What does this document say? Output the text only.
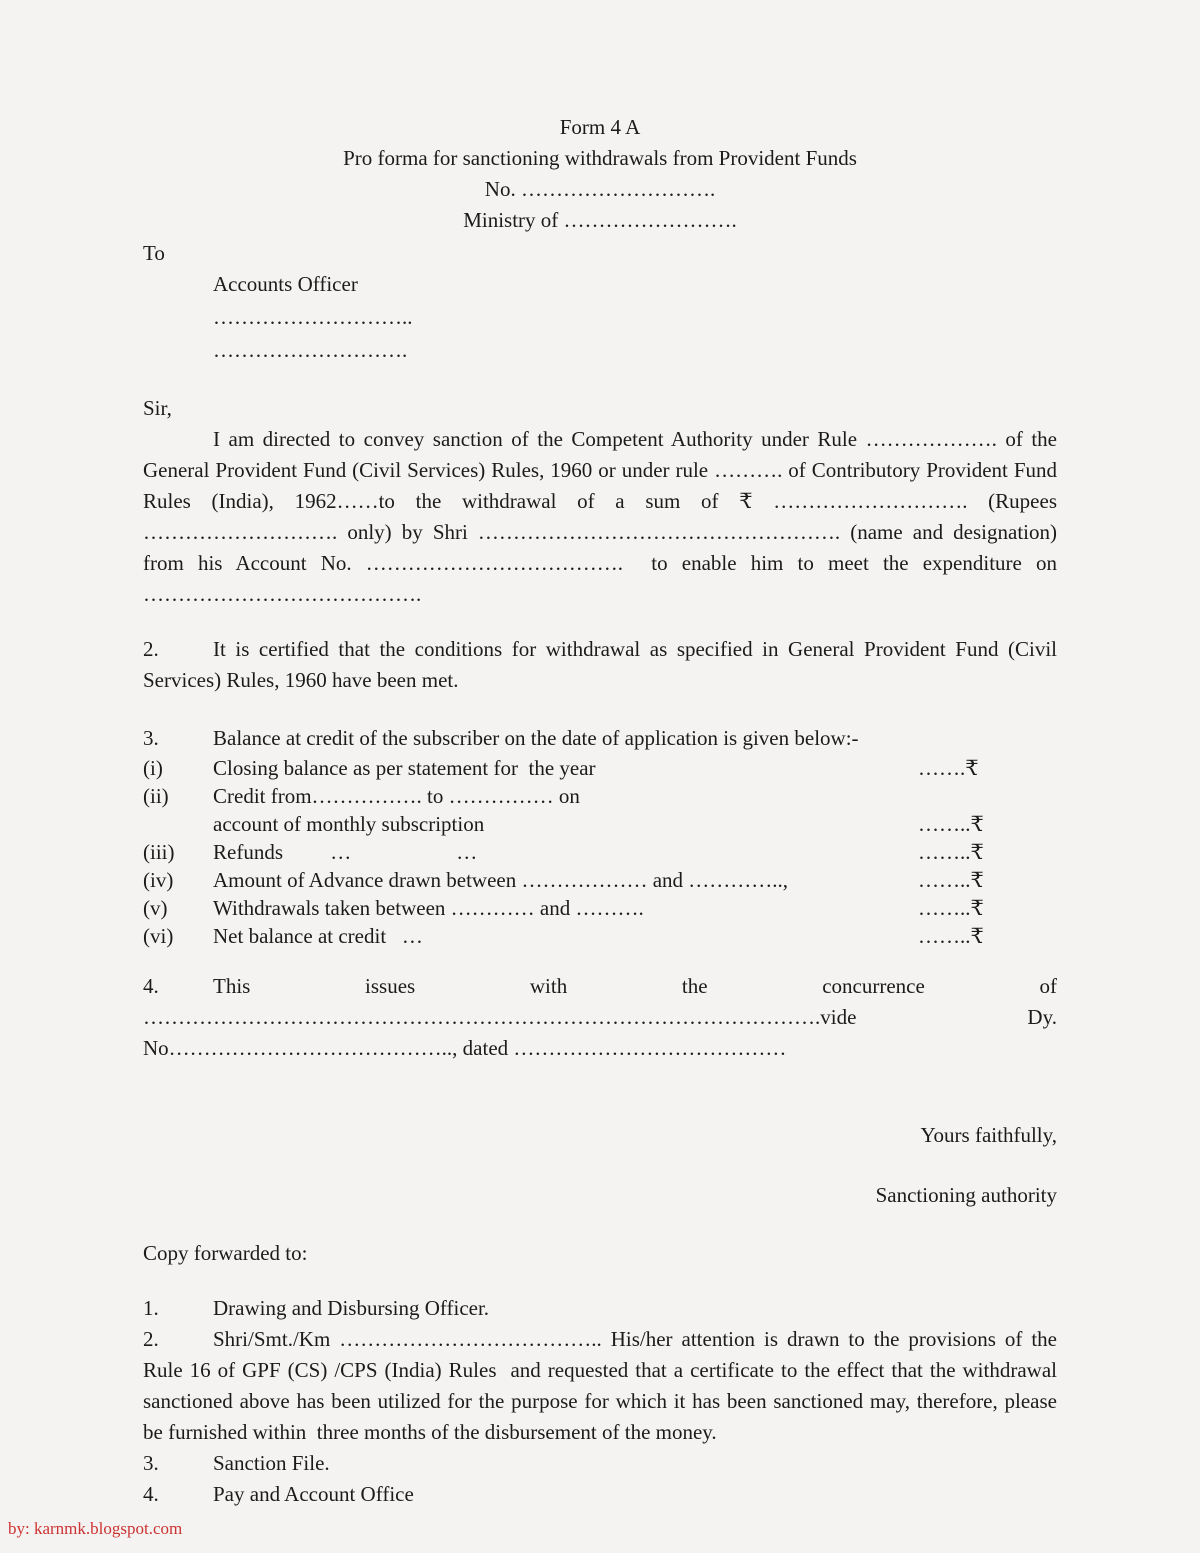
Form 4 A
Pro forma for sanctioning withdrawals from Provident Funds
No. ……………………….
Ministry of …………………….
To
Accounts Officer
………………………..
……………………….
Sir,

I am directed to convey sanction of the Competent Authority under Rule ………………. of the General Provident Fund (Civil Services) Rules, 1960 or under rule ………. of Contributory Provident Fund Rules (India), 1962……to the withdrawal of a sum of ₹ ………………………. (Rupees ………………………. only) by Shri ……………………………………………. (name and designation) from his Account No. ……………………………….  to enable him to meet the expenditure on ………………………………….

2.	It is certified that the conditions for withdrawal as specified in General Provident Fund (Civil Services) Rules, 1960 have been met.

3.	Balance at credit of the subscriber on the date of application is given below:-

(i) Closing balance as per statement for  the year	…….₹
(ii) Credit from……………. to …………… on
account of monthly subscription	……..₹
(iii) Refunds         …                    …	……..₹
(iv) Amount of Advance drawn between ……………… and …………..,	……..₹
(v) Withdrawals taken between ………… and ……….	……..₹
(vi) Net balance at credit   …	……..₹

4.	This issues with the concurrence of …………………………………………………………………………………….vide Dy. No………………………………….., dated …………………………………

Yours faithfully,
Sanctioning authority
Copy forwarded to:

1.	Drawing and Disbursing Officer.

2.	Shri/Smt./Km ……………………………….. His/her attention is drawn to the provisions of the Rule 16 of GPF (CS) /CPS (India) Rules  and requested that a certificate to the effect that the withdrawal sanctioned above has been utilized for the purpose for which it has been sanctioned may, therefore, please be furnished within  three months of the disbursement of the money.

3.	Sanction File.

4.	Pay and Account Office

by: karnmk.blogspot.com
